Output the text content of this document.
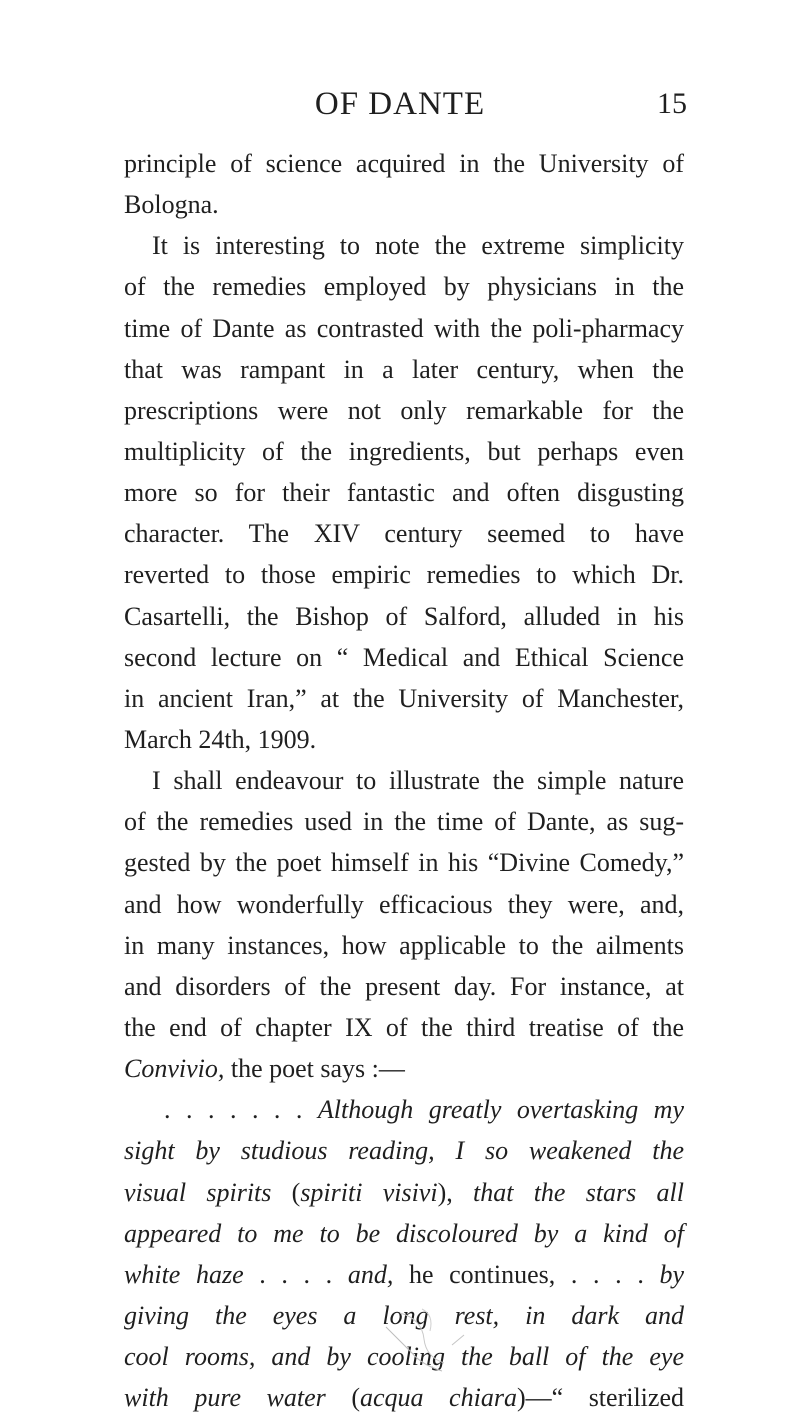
OF DANTE	15
principle of science acquired in the University of
Bologna.
It is interesting to note the extreme simplicity
of the remedies employed by physicians in the
time of Dante as contrasted with the poli-pharmacy
that was rampant in a later century, when the
prescriptions were not only remarkable for the
multiplicity of the ingredients, but perhaps even
more so for their fantastic and often disgusting
character. The XIV century seemed to have
reverted to those empiric remedies to which Dr.
Casartelli, the Bishop of Salford, alluded in his
second lecture on “ Medical and Ethical Science
in ancient Iran,” at the University of Manchester,
March 24th, 1909.
I shall endeavour to illustrate the simple nature
of the remedies used in the time of Dante, as sug-
gested by the poet himself in his “Divine Comedy,”
and how wonderfully efficacious they were, and,
in many instances, how applicable to the ailments
and disorders of the present day. For instance, at
the end of chapter IX of the third treatise of the
Convivio, the poet says :—
. . . . . . . Although greatly overtasking my
sight by studious reading, I so weakened the
visual spirits (spiriti visivi), that the stars all
appeared to me to be discoloured by a kind of
white haze . . . . and, he continues, . . . . by
giving the eyes a long rest, in dark and
cool rooms, and by cooling the ball of the eye
with pure water (acqua chiara)—“ sterilized
